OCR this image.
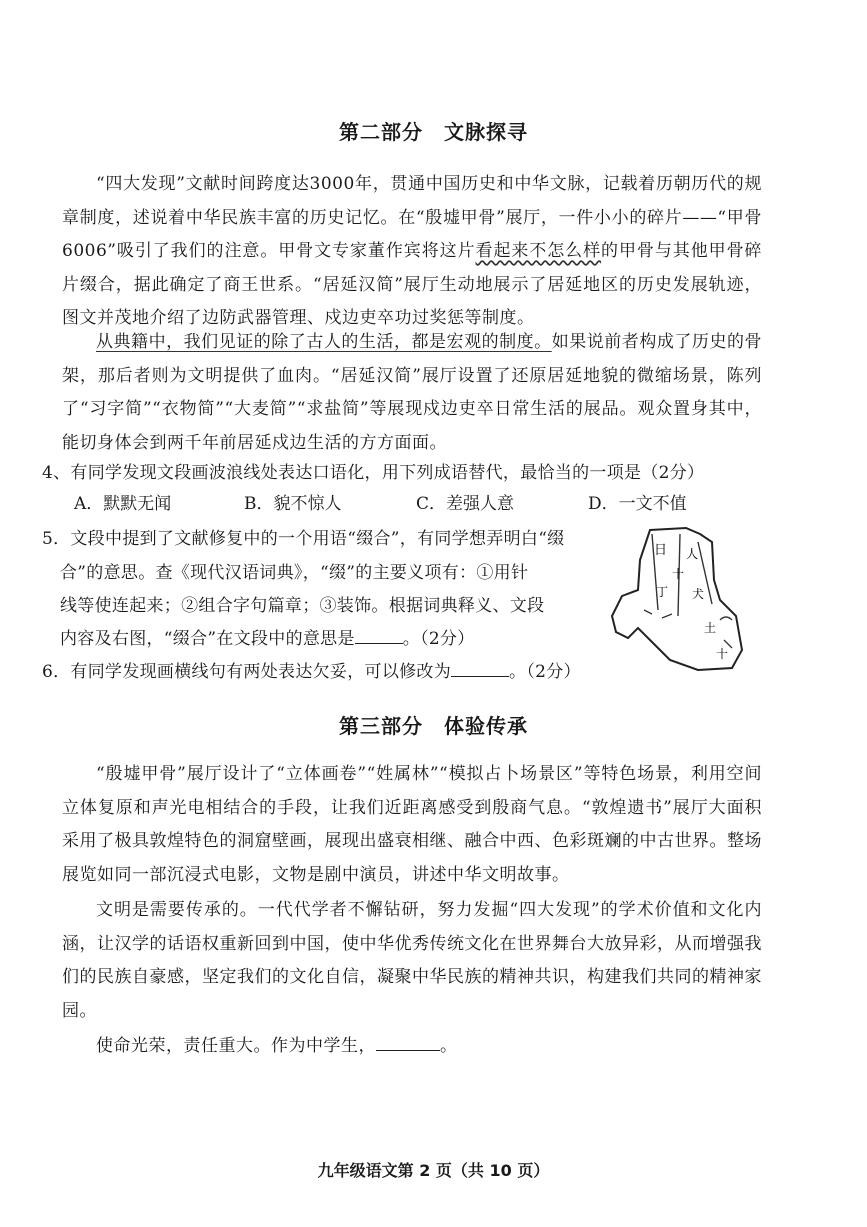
第二部分　文脉探寻
“四大发现”文献时间跨度达3000年，贯通中国历史和中华文脉，记载着历朝历代的规章制度，述说着中华民族丰富的历史记忆。在“殷墟甲骨”展厅，一件小小的碎片——“甲骨6006”吸引了我们的注意。甲骨文专家董作宾将这片看起来不怎么样的甲骨与其他甲骨碎片缀合，据此确定了商王世系。“居延汉简”展厅生动地展示了居延地区的历史发展轨迹，图文并茂地介绍了边防武器管理、戍边吏卒功过奖惩等制度。
从典籍中，我们见证的除了古人的生活，都是宏观的制度。如果说前者构成了历史的骨架，那后者则为文明提供了血肉。“居延汉简”展厅设置了还原居延地貌的微缩场景，陈列了“习字简”“衣物简”“大麦简”“求盐简”等展现戍边吏卒日常生活的展品。观众置身其中，能切身体会到两千年前居延戍边生活的方方面面。
4、有同学发现文段画波浪线处表达口语化，用下列成语替代，最恰当的一项是（2分）
A．默默无闻	B．貌不惊人	C．差强人意	D．一文不值
5．文段中提到了文献修复中的一个用语“缀合”，有同学想弄明白“缀
合”的意思。查《现代汉语词典》，“缀”的主要义项有：①用针
线等使连起来；②组合字句篇章；③装饰。根据词典释义、文段
内容及右图，“缀合”在文段中的意思是	。（2分）
日 人
十
丁 犬
土
十
6．有同学发现画横线句有两处表达欠妥，可以修改为	。（2分）
第三部分　体验传承
“殷墟甲骨”展厅设计了“立体画卷”“姓属林”“模拟占卜场景区”等特色场景，利用空间立体复原和声光电相结合的手段，让我们近距离感受到殷商气息。“敦煌遗书”展厅大面积采用了极具敦煌特色的洞窟壁画，展现出盛衰相继、融合中西、色彩斑斓的中古世界。整场展览如同一部沉浸式电影，文物是剧中演员，讲述中华文明故事。
文明是需要传承的。一代代学者不懈钻研，努力发掘“四大发现”的学术价值和文化内涵，让汉学的话语权重新回到中国，使中华优秀传统文化在世界舞台大放异彩，从而增强我们的民族自豪感，坚定我们的文化自信，凝聚中华民族的精神共识，构建我们共同的精神家园。
使命光荣，责任重大。作为中学生，	。
九年级语文第 2 页（共 10 页）
